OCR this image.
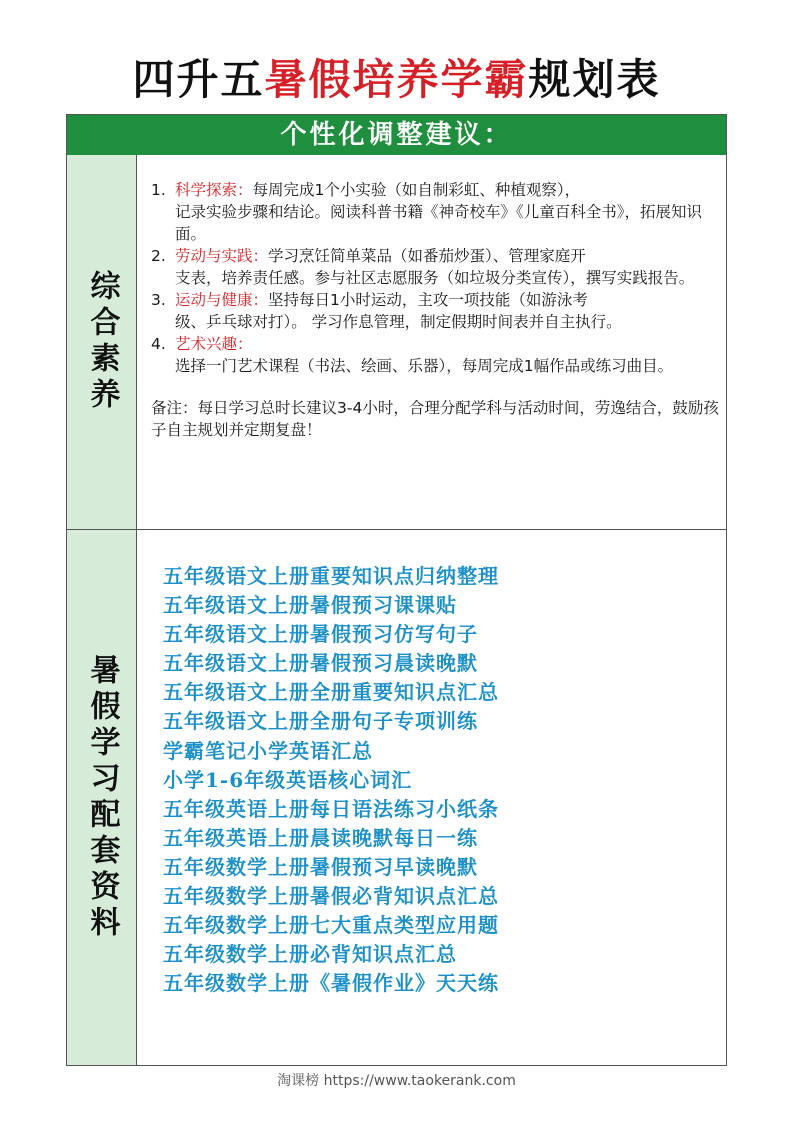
四升五暑假培养学霸规划表
个性化调整建议：
综合素养
1. 科学探索：每周完成1个小实验（如自制彩虹、种植观察），
记录实验步骤和结论。阅读科普书籍《神奇校车》《儿童百科全书》，拓展知识面。
2. 劳动与实践：学习烹饪简单菜品（如番茄炒蛋）、管理家庭开
支表，培养责任感。参与社区志愿服务（如垃圾分类宣传），撰写实践报告。
3. 运动与健康：坚持每日1小时运动，主攻一项技能（如游泳考
级、乒乓球对打）。 学习作息管理，制定假期时间表并自主执行。
4. 艺术兴趣：
选择一门艺术课程（书法、绘画、乐器），每周完成1幅作品或练习曲目。
备注：每日学习总时长建议3-4小时，合理分配学科与活动时间，劳逸结合，鼓励孩子自主规划并定期复盘！
暑假学习配套资料
五年级语文上册重要知识点归纳整理
五年级语文上册暑假预习课课贴
五年级语文上册暑假预习仿写句子
五年级语文上册暑假预习晨读晚默
五年级语文上册全册重要知识点汇总
五年级语文上册全册句子专项训练
学霸笔记小学英语汇总
小学1-6年级英语核心词汇
五年级英语上册每日语法练习小纸条
五年级英语上册晨读晚默每日一练
五年级数学上册暑假预习早读晚默
五年级数学上册暑假必背知识点汇总
五年级数学上册七大重点类型应用题
五年级数学上册必背知识点汇总
五年级数学上册《暑假作业》天天练
淘课榜 https://www.taokerank.com
